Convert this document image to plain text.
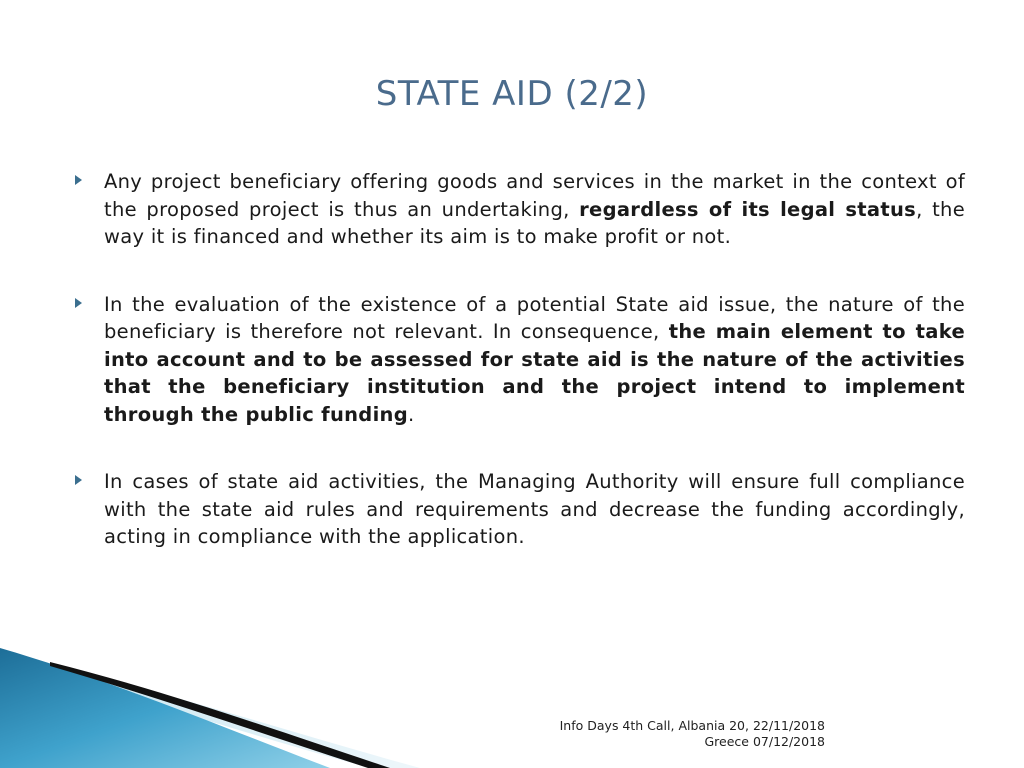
STATE AID (2/2)
Any project beneficiary offering goods and services in the market in the context of the proposed project is thus an undertaking, regardless of its legal status, the way it is financed and whether its aim is to make profit or not.
In the evaluation of the existence of a potential State aid issue, the nature of the beneficiary is therefore not relevant. In consequence, the main element to take into account and to be assessed for state aid is the nature of the activities that the beneficiary institution and the project intend to implement through the public funding.
In cases of state aid activities, the Managing Authority will ensure full compliance with the state aid rules and requirements and decrease the funding accordingly, acting in compliance with the application.
Info Days 4th Call, Albania 20, 22/11/2018
Greece 07/12/2018
